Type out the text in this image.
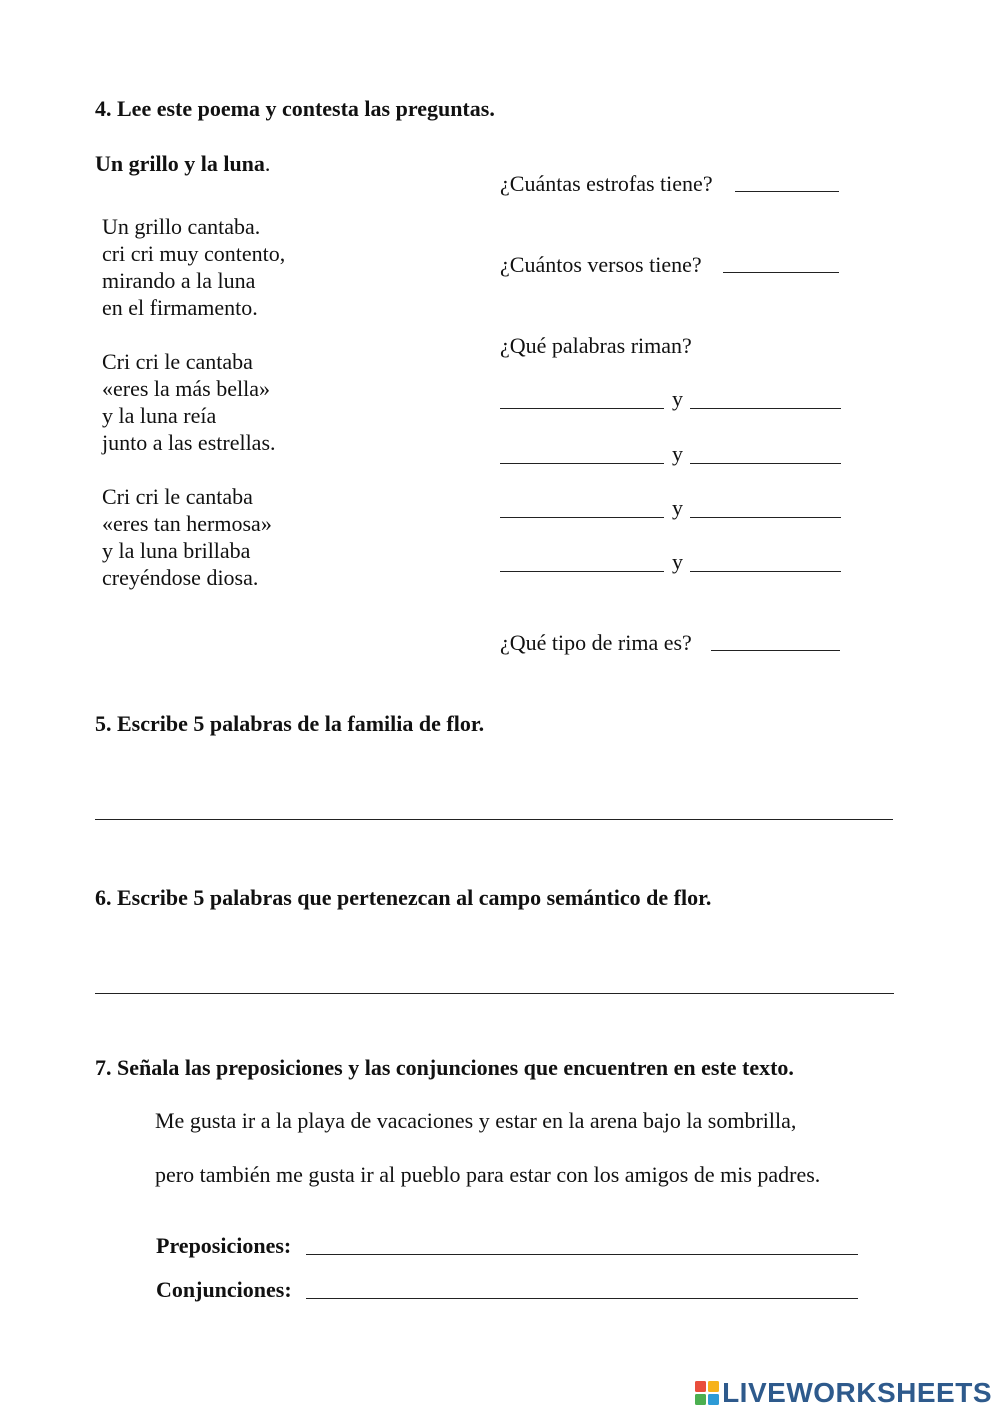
4. Lee este poema y contesta las preguntas.
Un grillo y la luna.
Un grillo cantaba.
cri cri muy contento,
mirando a la luna
en el firmamento.
Cri cri le cantaba
«eres la más bella»
y la luna reía
junto a las estrellas.
Cri cri le cantaba
«eres tan hermosa»
y la luna brillaba
creyéndose diosa.
¿Cuántas estrofas tiene?
¿Cuántos versos tiene?
¿Qué palabras riman?
y
y
y
y
¿Qué tipo de rima es?
5. Escribe 5 palabras de la familia de flor.
6. Escribe 5 palabras que pertenezcan al campo semántico de flor.
7. Señala las preposiciones y las conjunciones que encuentren en este texto.
Me gusta ir a la playa de vacaciones y estar en la arena bajo la sombrilla,
pero también me gusta ir al pueblo para estar con los amigos de mis padres.
Preposiciones:
Conjunciones:
LIVEWORKSHEETS
